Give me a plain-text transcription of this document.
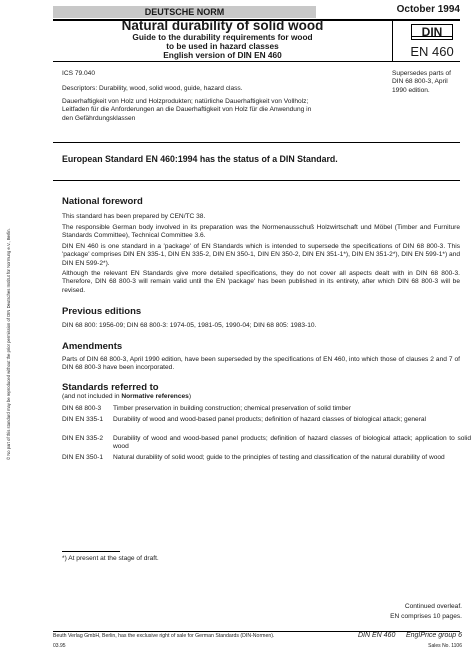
© No part of this standard may be reproduced without the prior permission of DIN Deutsches Institut für Normung e.V., Berlin.
DEUTSCHE NORM	October 1994
Natural durability of solid wood
Guide to the durability requirements for wood
to be used in hazard classes
English version of DIN EN 460
DIN
EN 460
ICS 79.040
Descriptors: Durability, wood, solid wood, guide, hazard class.
Dauerhaftigkeit von Holz und Holzprodukten; natürliche Dauerhaftigkeit von Vollholz; Leitfaden für die Anforderungen an die Dauerhaftigkeit von Holz für die Anwendung in den Gefährdungsklassen
Supersedes parts of DIN 68 800-3, April 1990 edition.
European Standard EN 460:1994 has the status of a DIN Standard.
National foreword
This standard has been prepared by CEN/TC 38.
The responsible German body involved in its preparation was the Normenausschuß Holzwirtschaft und Möbel (Timber and Furniture Standards Committee), Technical Committee 3.6.
DIN EN 460 is one standard in a 'package' of EN Standards which is intended to supersede the specifications of DIN 68 800-3. This 'package' comprises DIN EN 335-1, DIN EN 335-2, DIN EN 350-1, DIN EN 350-2, DIN EN 351-1*), DIN EN 351-2*), DIN EN 599-1*) and DIN EN 599-2*).
Although the relevant EN Standards give more detailed specifications, they do not cover all aspects dealt with in DIN 68 800-3. Therefore, DIN 68 800-3 will remain valid until the EN 'package' has been published in its entirety, after which DIN 68 800-3 will be revised.
Previous editions
DIN 68 800: 1956-09; DIN 68 800-3: 1974-05, 1981-05, 1990-04; DIN 68 805: 1983-10.
Amendments
Parts of DIN 68 800-3, April 1990 edition, have been superseded by the specifications of EN 460, into which those of clauses 2 and 7 of DIN 68 800-3 have been incorporated.
Standards referred to
(and not included in Normative references)
DIN 68 800-3 Timber preservation in building construction; chemical preservation of solid timber
DIN EN 335-1 Durability of wood and wood-based panel products; definition of hazard classes of biological attack; general
DIN EN 335-2 Durability of wood and wood-based panel products; definition of hazard classes of biological attack; application to solid wood
DIN EN 350-1 Natural durability of solid wood; guide to the principles of testing and classification of the natural durability of wood
*) At present at the stage of draft.
Continued overleaf.
EN comprises 10 pages.
Beuth Verlag GmbH, Berlin, has the exclusive right of sale for German Standards (DIN-Normen).
03.95
DIN EN 460 Engl.
Price group 6
Sales No. 1106
